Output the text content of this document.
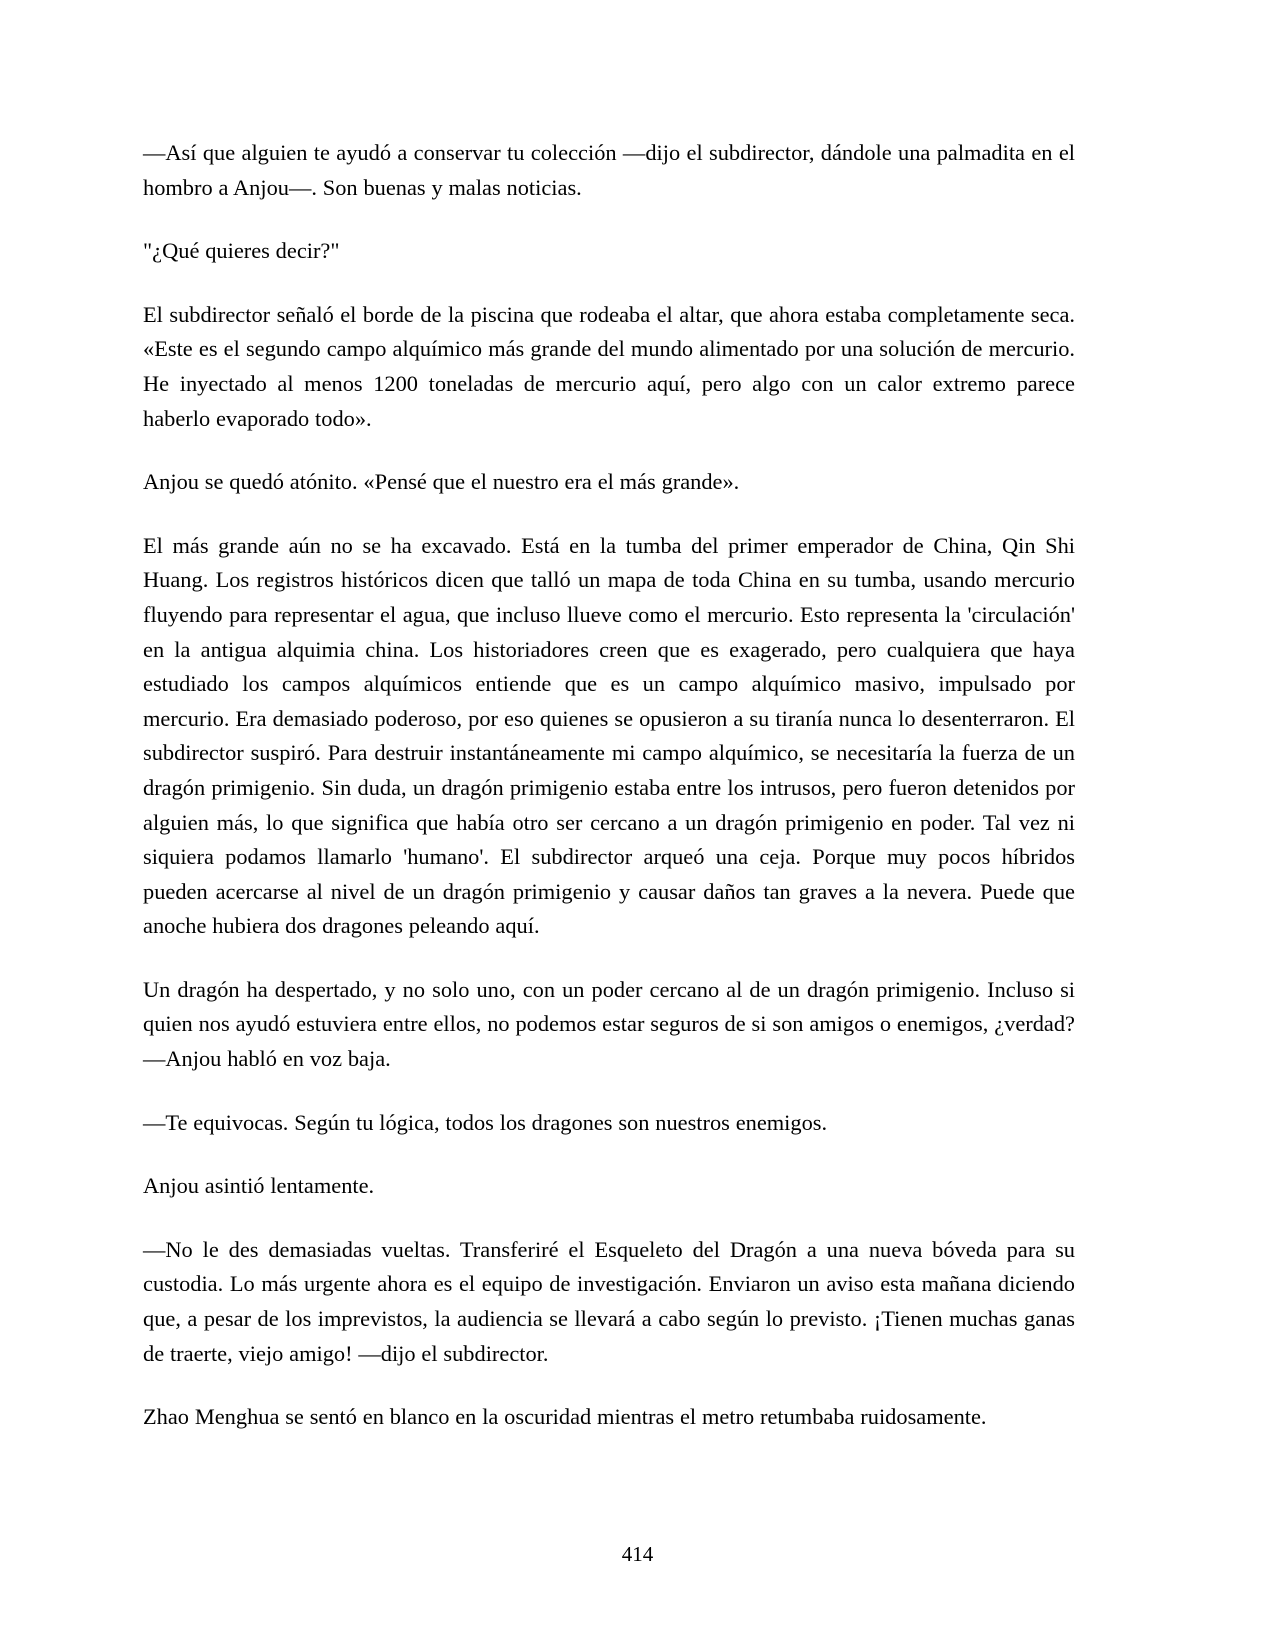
—Así que alguien te ayudó a conservar tu colección —dijo el subdirector, dándole una palmadita en el hombro a Anjou—. Son buenas y malas noticias.

"¿Qué quieres decir?"

El subdirector señaló el borde de la piscina que rodeaba el altar, que ahora estaba completamente seca. «Este es el segundo campo alquímico más grande del mundo alimentado por una solución de mercurio. He inyectado al menos 1200 toneladas de mercurio aquí, pero algo con un calor extremo parece haberlo evaporado todo».

Anjou se quedó atónito. «Pensé que el nuestro era el más grande».

El más grande aún no se ha excavado. Está en la tumba del primer emperador de China, Qin Shi Huang. Los registros históricos dicen que talló un mapa de toda China en su tumba, usando mercurio fluyendo para representar el agua, que incluso llueve como el mercurio. Esto representa la 'circulación' en la antigua alquimia china. Los historiadores creen que es exagerado, pero cualquiera que haya estudiado los campos alquímicos entiende que es un campo alquímico masivo, impulsado por mercurio. Era demasiado poderoso, por eso quienes se opusieron a su tiranía nunca lo desenterraron. El subdirector suspiró. Para destruir instantáneamente mi campo alquímico, se necesitaría la fuerza de un dragón primigenio. Sin duda, un dragón primigenio estaba entre los intrusos, pero fueron detenidos por alguien más, lo que significa que había otro ser cercano a un dragón primigenio en poder. Tal vez ni siquiera podamos llamarlo 'humano'. El subdirector arqueó una ceja. Porque muy pocos híbridos pueden acercarse al nivel de un dragón primigenio y causar daños tan graves a la nevera. Puede que anoche hubiera dos dragones peleando aquí.

Un dragón ha despertado, y no solo uno, con un poder cercano al de un dragón primigenio. Incluso si quien nos ayudó estuviera entre ellos, no podemos estar seguros de si son amigos o enemigos, ¿verdad? —Anjou habló en voz baja.

—Te equivocas. Según tu lógica, todos los dragones son nuestros enemigos.

Anjou asintió lentamente.

—No le des demasiadas vueltas. Transferiré el Esqueleto del Dragón a una nueva bóveda para su custodia. Lo más urgente ahora es el equipo de investigación. Enviaron un aviso esta mañana diciendo que, a pesar de los imprevistos, la audiencia se llevará a cabo según lo previsto. ¡Tienen muchas ganas de traerte, viejo amigo! —dijo el subdirector.

Zhao Menghua se sentó en blanco en la oscuridad mientras el metro retumbaba ruidosamente.

414
